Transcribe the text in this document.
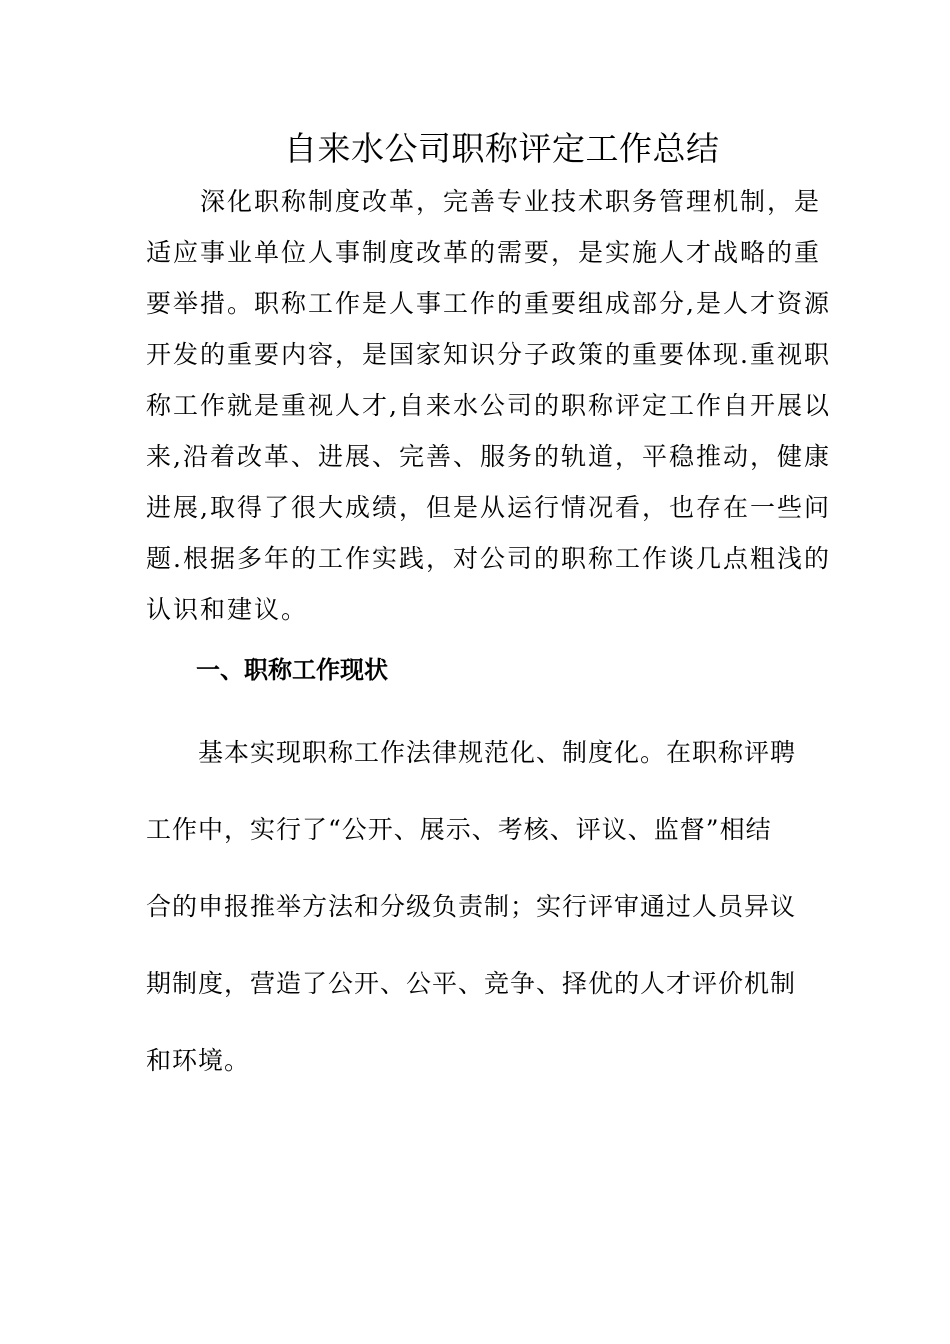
自来水公司职称评定工作总结
　　深化职称制度改革，完善专业技术职务管理机制，是
适应事业单位人事制度改革的需要，是实施人才战略的重
要举措。职称工作是人事工作的重要组成部分,是人才资源
开发的重要内容，是国家知识分子政策的重要体现.重视职
称工作就是重视人才,自来水公司的职称评定工作自开展以
来,沿着改革、进展、完善、服务的轨道，平稳推动，健康
进展,取得了很大成绩，但是从运行情况看，也存在一些问
题.根据多年的工作实践，对公司的职称工作谈几点粗浅的
认识和建议。
一、职称工作现状
　　基本实现职称工作法律规范化、制度化。在职称评聘
工作中，实行了“公开、展示、考核、评议、监督”相结
合的申报推举方法和分级负责制；实行评审通过人员异议
期制度，营造了公开、公平、竞争、择优的人才评价机制
和环境。
